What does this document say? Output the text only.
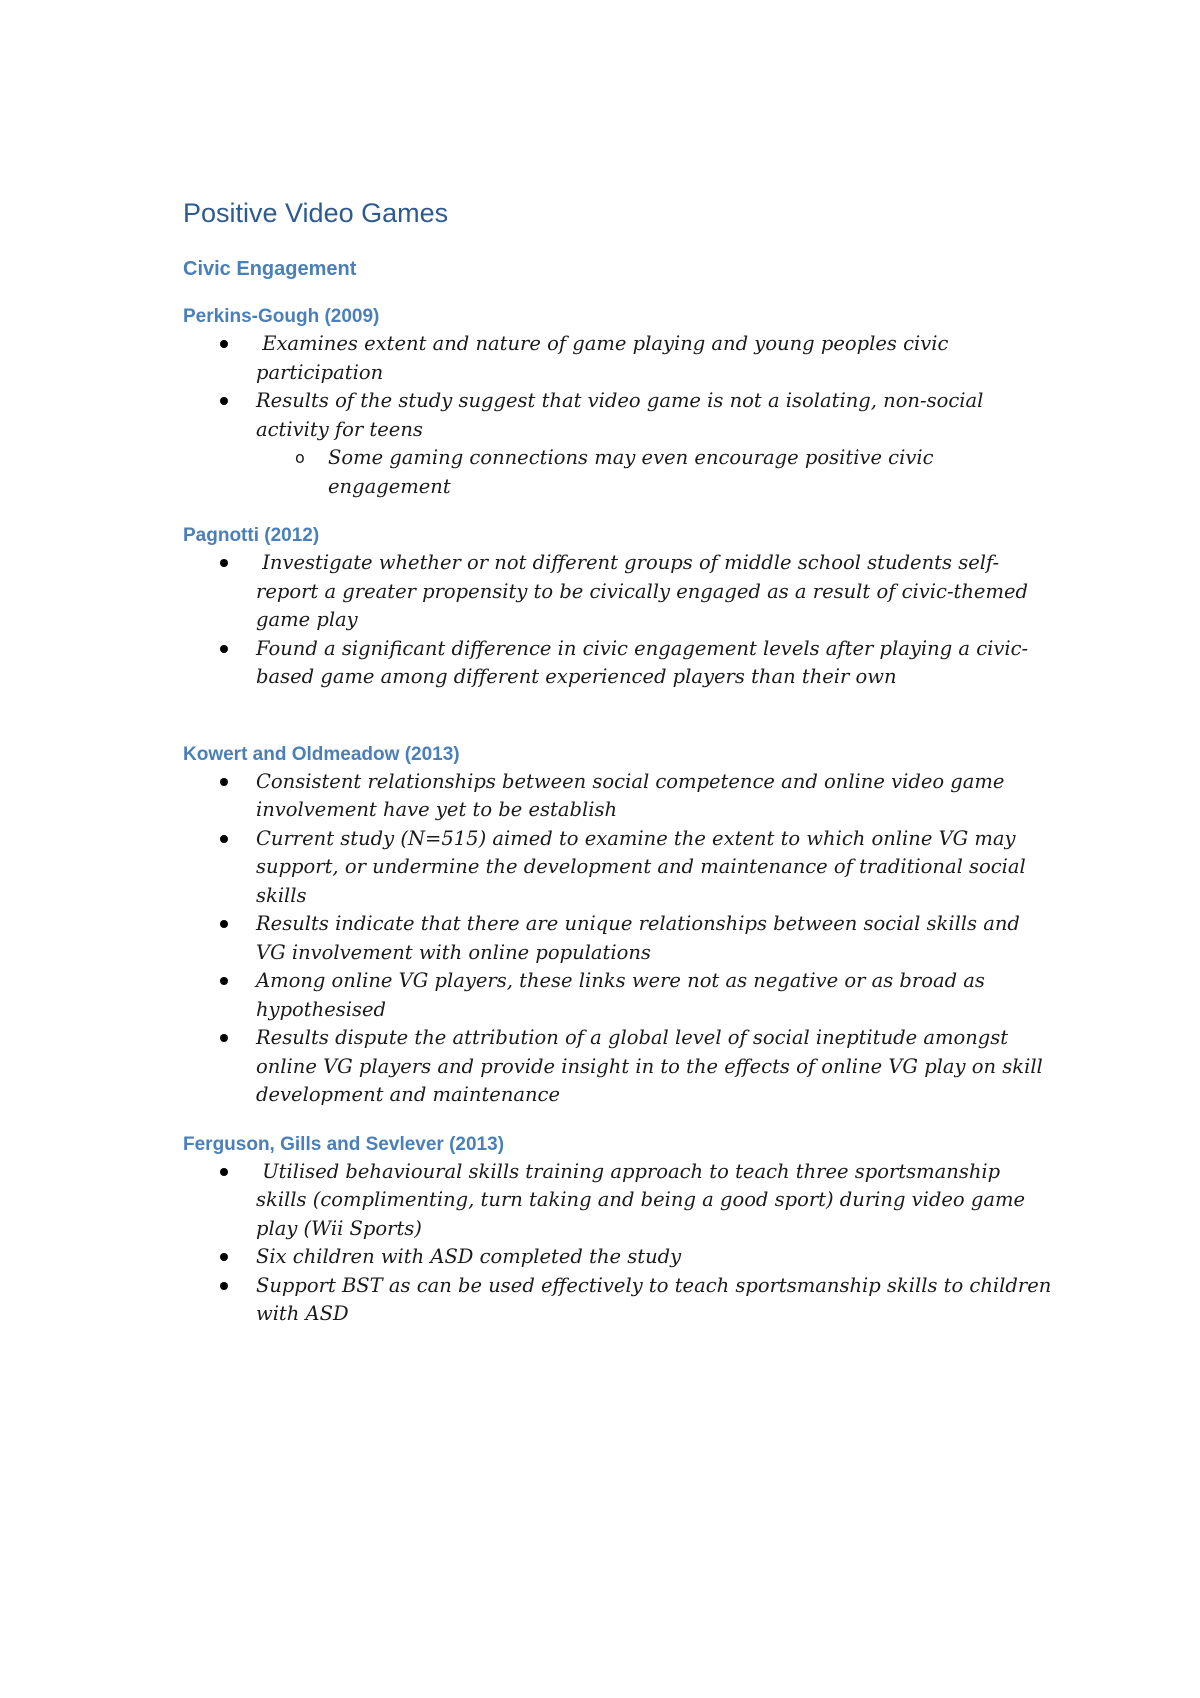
Positive Video Games
Civic Engagement
Perkins-Gough (2009)
Examines extent and nature of game playing and young peoples civic participation
Results of the study suggest that video game is not a isolating, non-social activity for teens
o Some gaming connections may even encourage positive civic engagement
Pagnotti (2012)
Investigate whether or not different groups of middle school students self-report a greater propensity to be civically engaged as a result of civic-themed game play
Found a significant difference in civic engagement levels after playing a civic-based game among different experienced players than their own
Kowert and Oldmeadow (2013)
Consistent relationships between social competence and online video game involvement have yet to be establish
Current study (N=515) aimed to examine the extent to which online VG may support, or undermine the development and maintenance of traditional social skills
Results indicate that there are unique relationships between social skills and VG involvement with online populations
Among online VG players, these links were not as negative or as broad as hypothesised
Results dispute the attribution of a global level of social ineptitude amongst online VG players and provide insight in to the effects of online VG play on skill development and maintenance
Ferguson, Gills and Sevlever (2013)
Utilised behavioural skills training approach to teach three sportsmanship skills (complimenting, turn taking and being a good sport) during video game play (Wii Sports)
Six children with ASD completed the study
Support BST as can be used effectively to teach sportsmanship skills to children with ASD
